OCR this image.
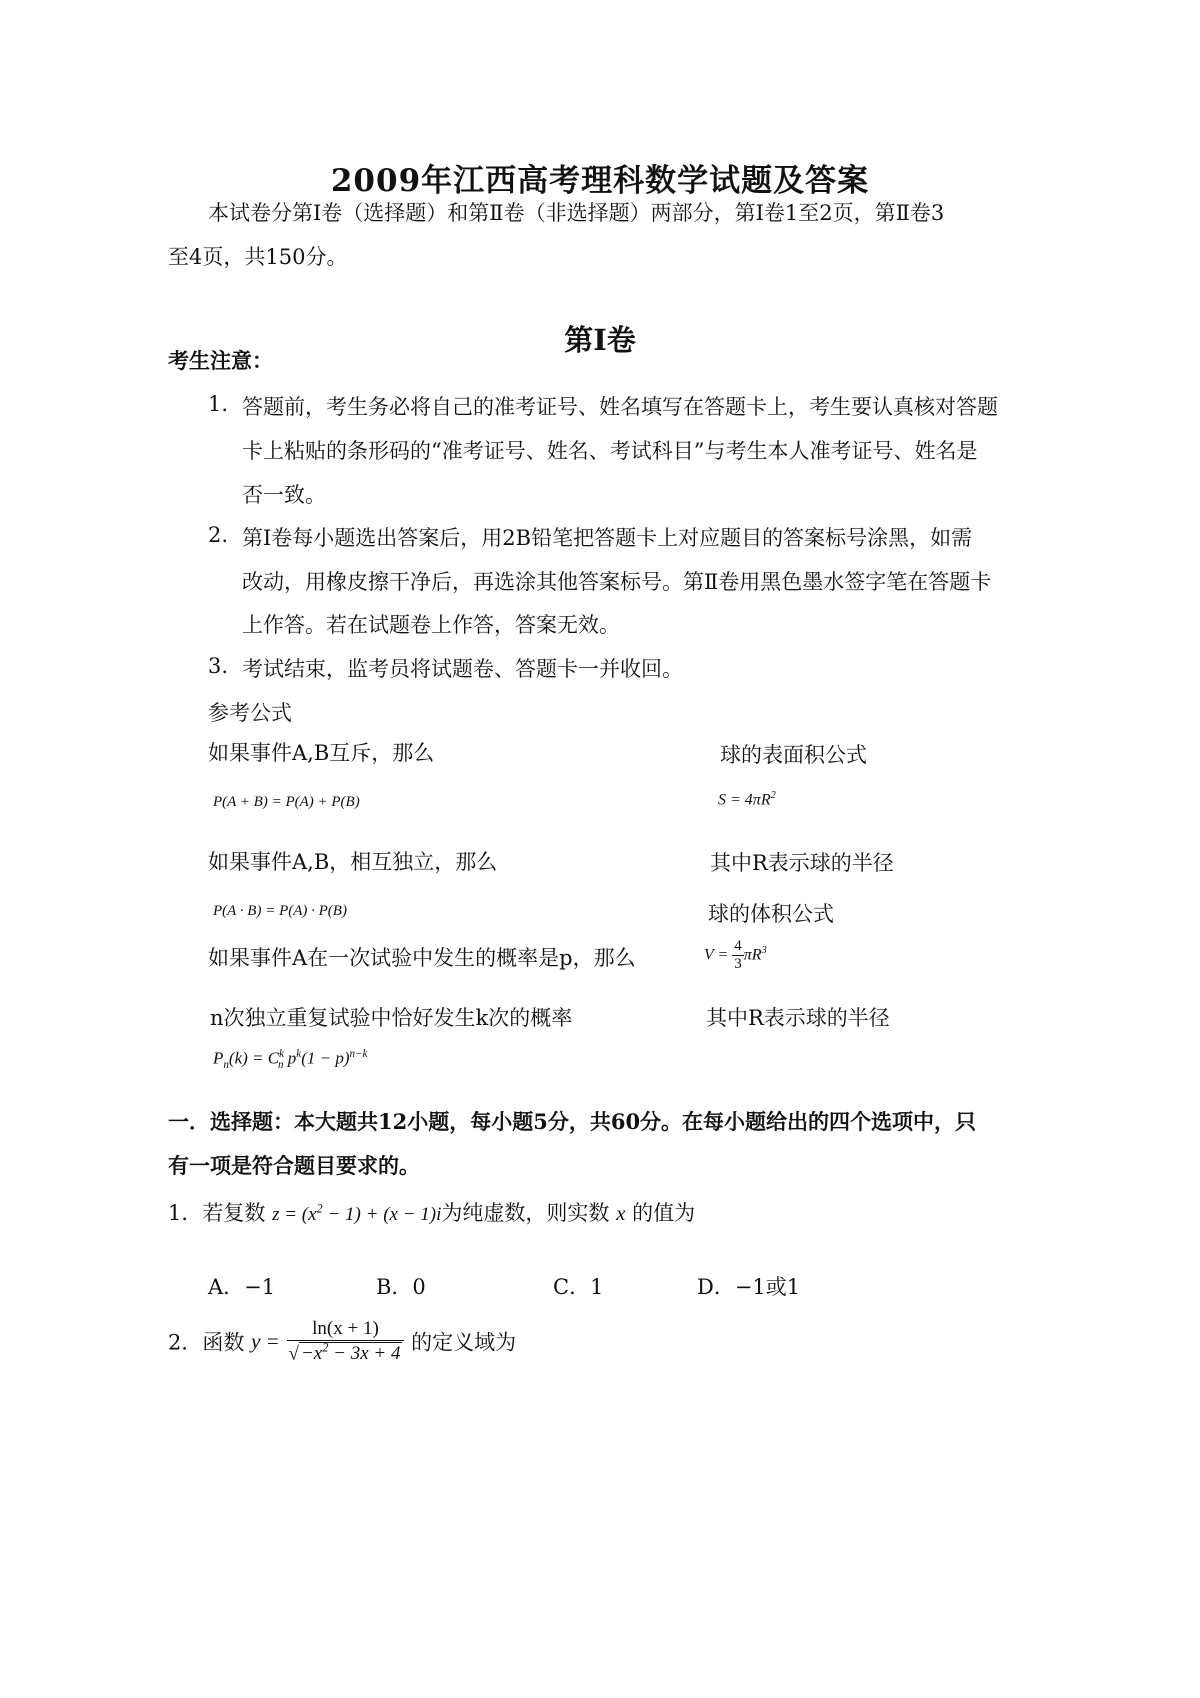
2009年江西高考理科数学试题及答案
本试卷分第Ⅰ卷（选择题）和第Ⅱ卷（非选择题）两部分，第Ⅰ卷1至2页，第Ⅱ卷3
至4页，共150分。
第Ⅰ卷
考生注意：
1. 答题前，考生务必将自己的准考证号、姓名填写在答题卡上，考生要认真核对答题
卡上粘贴的条形码的“准考证号、姓名、考试科目”与考生本人准考证号、姓名是
否一致。
2. 第Ⅰ卷每小题选出答案后，用2B铅笔把答题卡上对应题目的答案标号涂黑，如需
改动，用橡皮擦干净后，再选涂其他答案标号。第Ⅱ卷用黑色墨水签字笔在答题卡
上作答。若在试题卷上作答，答案无效。
3. 考试结束，监考员将试题卷、答题卡一并收回。
参考公式
如果事件A,B互斥，那么
P(A + B) = P(A) + P(B)
如果事件A,B，相互独立，那么
P(A · B) = P(A) · P(B)
如果事件A在一次试验中发生的概率是p，那么
n次独立重复试验中恰好发生k次的概率
$P_n(k) = C^k_n$ $p^k(1 - p)^{n-k}$
球的表面积公式
$S = 4\pi R^2$
其中R表示球的半径
球的体积公式
$V = \frac{4}{3} \pi R^3$
其中R表示球的半径
一．选择题：本大题共12小题，每小题5分，共60分。在每小题给出的四个选项中，只
有一项是符合题目要求的。
1．若复数 $z = (x^2 - 1) + (x - 1)i$为纯虚数，则实数 x 的值为
A．−1	B．0	C．1	D．−1或1
2．函数 $y = \frac{\ln(x + 1)}{√ -x^2 - 3x + 4}$ 的定义域为
